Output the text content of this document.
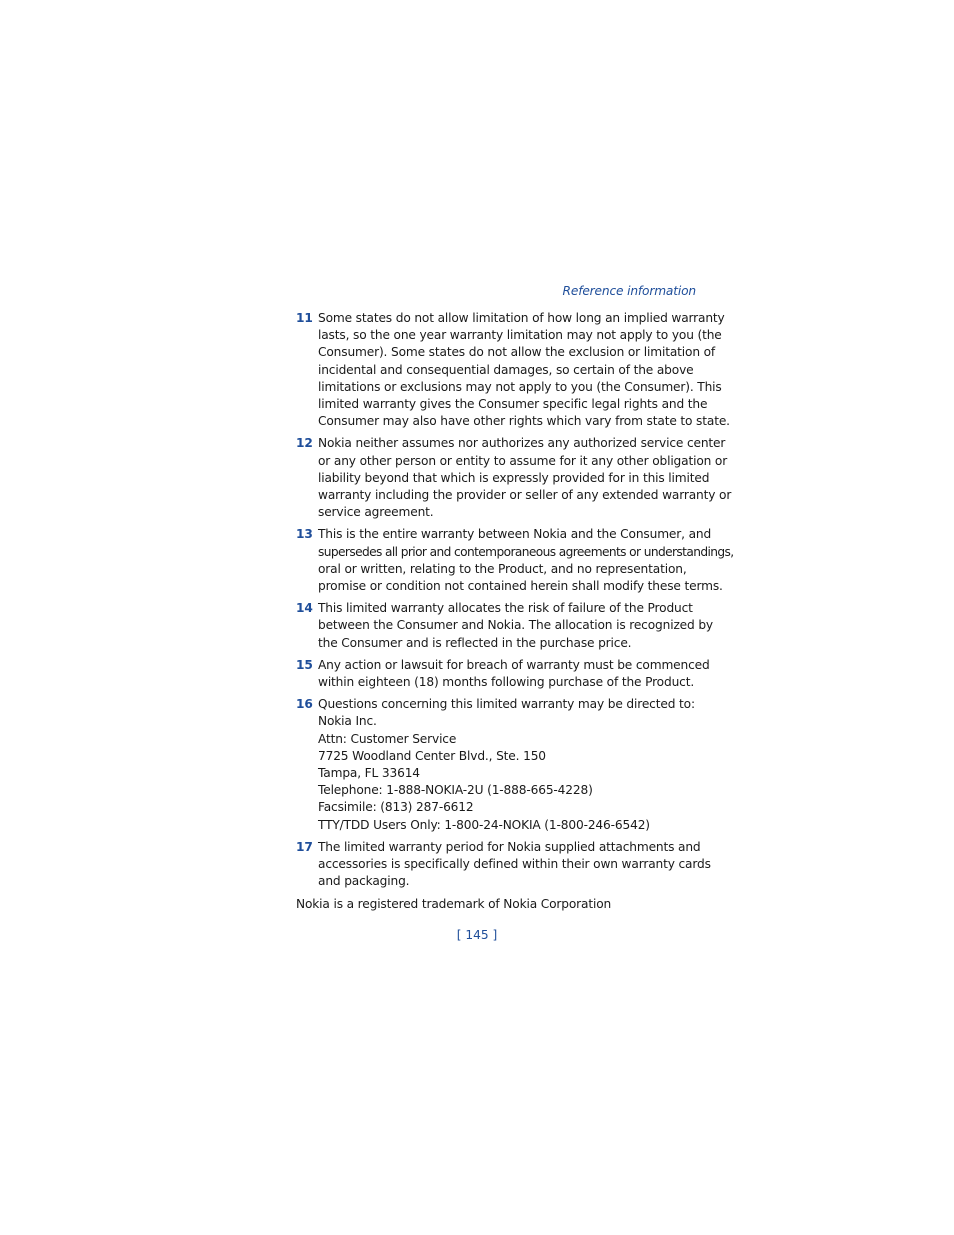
Reference information
11 Some states do not allow limitation of how long an implied warranty
lasts, so the one year warranty limitation may not apply to you (the
Consumer). Some states do not allow the exclusion or limitation of
incidental and consequential damages, so certain of the above
limitations or exclusions may not apply to you (the Consumer). This
limited warranty gives the Consumer specific legal rights and the
Consumer may also have other rights which vary from state to state.
12 Nokia neither assumes nor authorizes any authorized service center
or any other person or entity to assume for it any other obligation or
liability beyond that which is expressly provided for in this limited
warranty including the provider or seller of any extended warranty or
service agreement.
13 This is the entire warranty between Nokia and the Consumer, and
supersedes all prior and contemporaneous agreements or understandings,
oral or written, relating to the Product, and no representation,
promise or condition not contained herein shall modify these terms.
14 This limited warranty allocates the risk of failure of the Product
between the Consumer and Nokia. The allocation is recognized by
the Consumer and is reflected in the purchase price.
15 Any action or lawsuit for breach of warranty must be commenced
within eighteen (18) months following purchase of the Product.
16 Questions concerning this limited warranty may be directed to:
Nokia Inc.
Attn: Customer Service
7725 Woodland Center Blvd., Ste. 150
Tampa, FL 33614
Telephone: 1-888-NOKIA-2U (1-888-665-4228)
Facsimile: (813) 287-6612
TTY/TDD Users Only: 1-800-24-NOKIA (1-800-246-6542)
17 The limited warranty period for Nokia supplied attachments and
accessories is specifically defined within their own warranty cards
and packaging.
Nokia is a registered trademark of Nokia Corporation
[ 145 ]
